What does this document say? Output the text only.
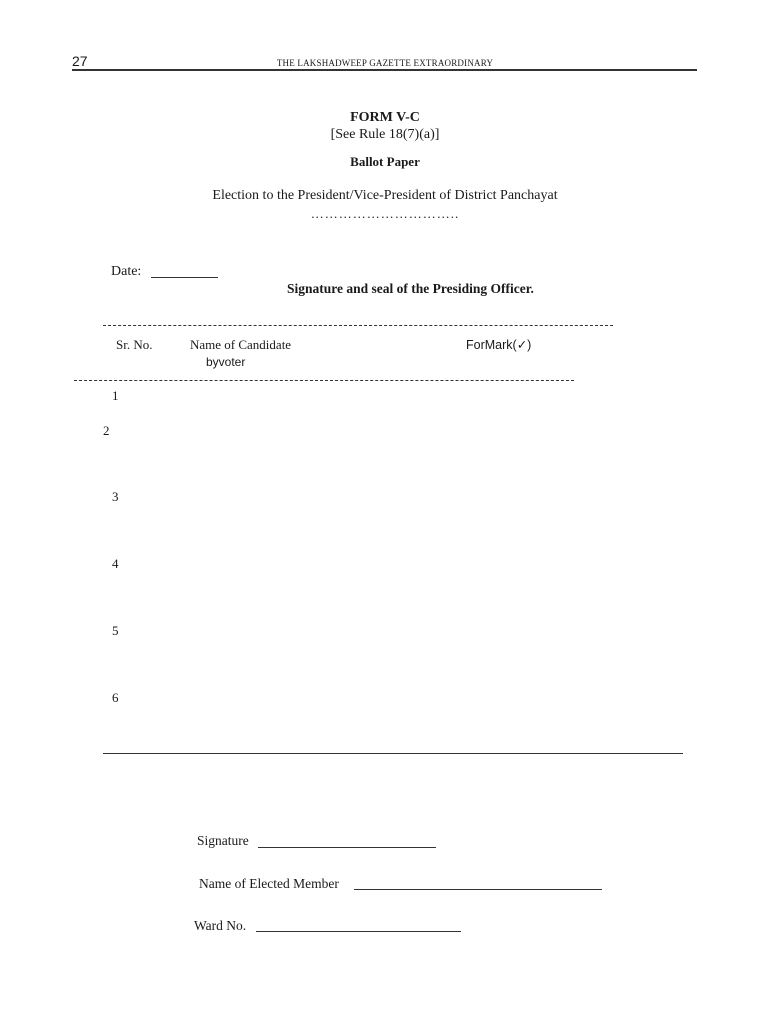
27	THE LAKSHADWEEP GAZETTE EXTRAORDINARY
FORM V-C
[See Rule 18(7)(a)]
Ballot Paper
Election to the President/Vice-President of District Panchayat
…………………………..
Date:
Signature and seal of the Presiding Officer.
Sr. No.	Name of Candidate
byvoter
ForMark(✓)
1
2
3
4
5
6
Signature
Name of Elected Member
Ward No.
